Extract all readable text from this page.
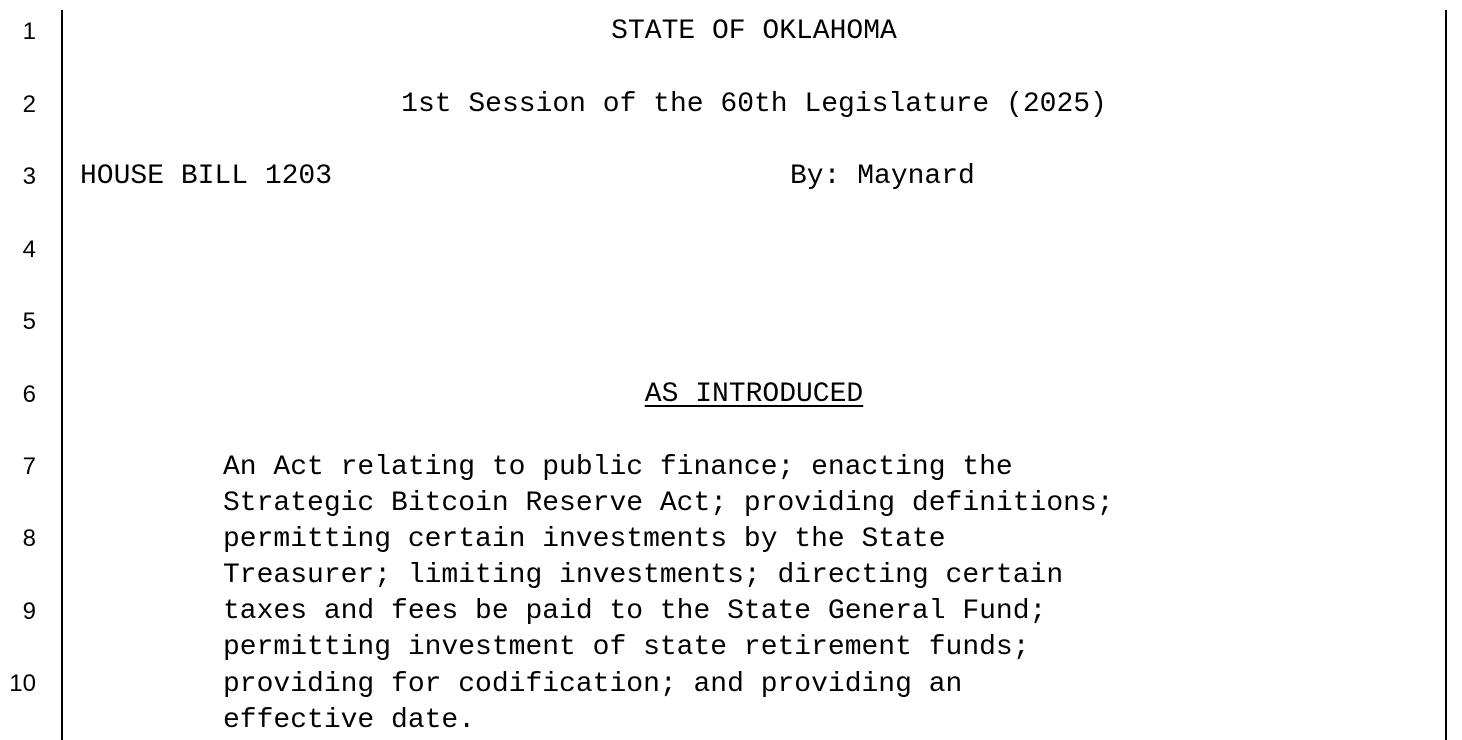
1
2
3
4
5
6
7
8
9
10
STATE OF OKLAHOMA
1st Session of the 60th Legislature (2025)
HOUSE BILL 1203	By: Maynard
AS INTRODUCED
An Act relating to public finance; enacting the
Strategic Bitcoin Reserve Act; providing definitions;
permitting certain investments by the State
Treasurer; limiting investments; directing certain
taxes and fees be paid to the State General Fund;
permitting investment of state retirement funds;
providing for codification; and providing an
effective date.
